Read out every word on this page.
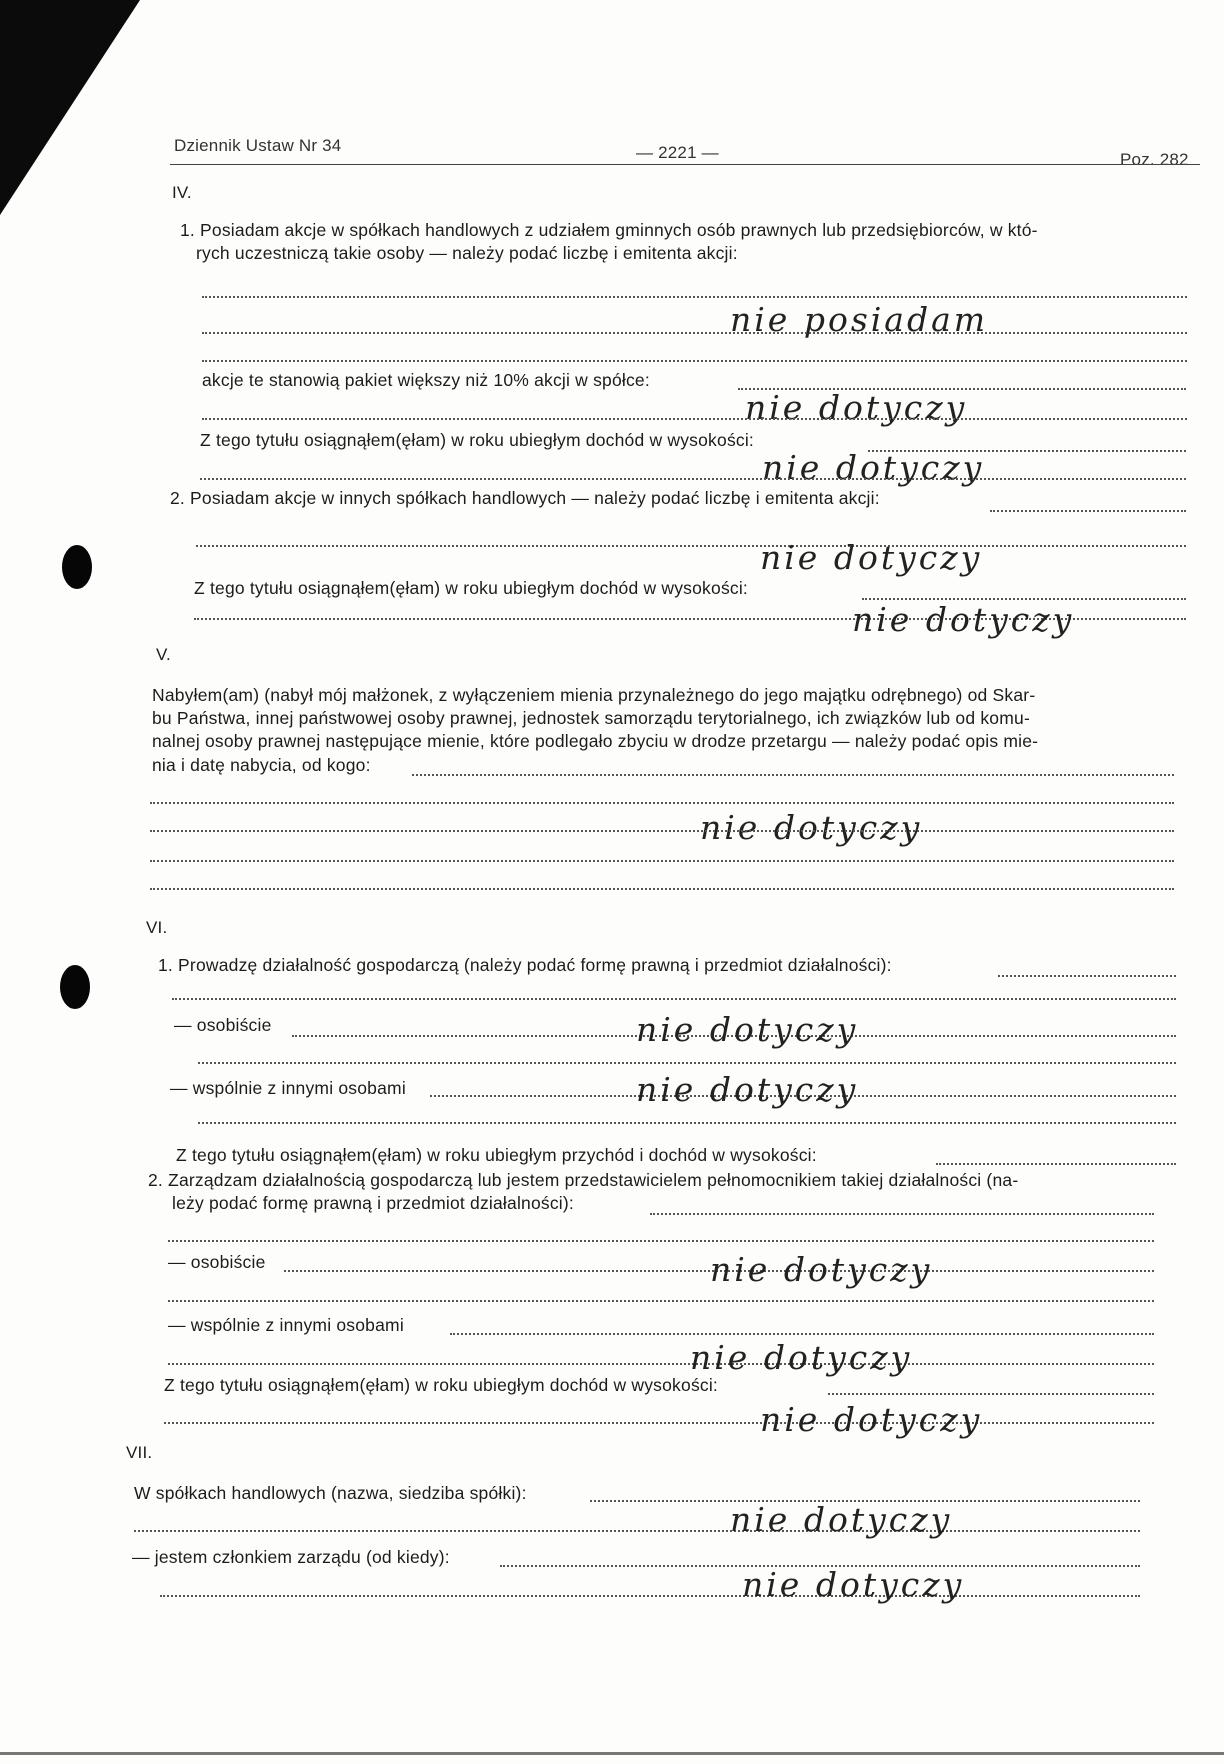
Dziennik Ustaw Nr 34	— 2221 —	Poz. 282
IV.
1. Posiadam akcje w spółkach handlowych z udziałem gminnych osób prawnych lub przedsiębiorców, w któ-
rych uczestniczą takie osoby — należy podać liczbę i emitenta akcji:
nie posiadam
akcje te stanowią pakiet większy niż 10% akcji w spółce:
nie dotyczy
Z tego tytułu osiągnąłem(ęłam) w roku ubiegłym dochód w wysokości:
nie dotyczy
2. Posiadam akcje w innych spółkach handlowych — należy podać liczbę i emitenta akcji:
nie dotyczy
Z tego tytułu osiągnąłem(ęłam) w roku ubiegłym dochód w wysokości:
nie dotyczy
V.
Nabyłem(am) (nabył mój małżonek, z wyłączeniem mienia przynależnego do jego majątku odrębnego) od Skar-
bu Państwa, innej państwowej osoby prawnej, jednostek samorządu terytorialnego, ich związków lub od komu-
nalnej osoby prawnej następujące mienie, które podlegało zbyciu w drodze przetargu — należy podać opis mie-
nia i datę nabycia, od kogo:
nie dotyczy
VI.
1. Prowadzę działalność gospodarczą (należy podać formę prawną i przedmiot działalności):
— osobiście	nie dotyczy
— wspólnie z innymi osobami	nie dotyczy
Z tego tytułu osiągnąłem(ęłam) w roku ubiegłym przychód i dochód w wysokości:
2. Zarządzam działalnością gospodarczą lub jestem przedstawicielem pełnomocnikiem takiej działalności (na-
leży podać formę prawną i przedmiot działalności):
— osobiście	nie dotyczy
— wspólnie z innymi osobami
nie dotyczy
Z tego tytułu osiągnąłem(ęłam) w roku ubiegłym dochód w wysokości:
nie dotyczy
VII.
W spółkach handlowych (nazwa, siedziba spółki):
nie dotyczy
— jestem członkiem zarządu (od kiedy):
nie dotyczy
